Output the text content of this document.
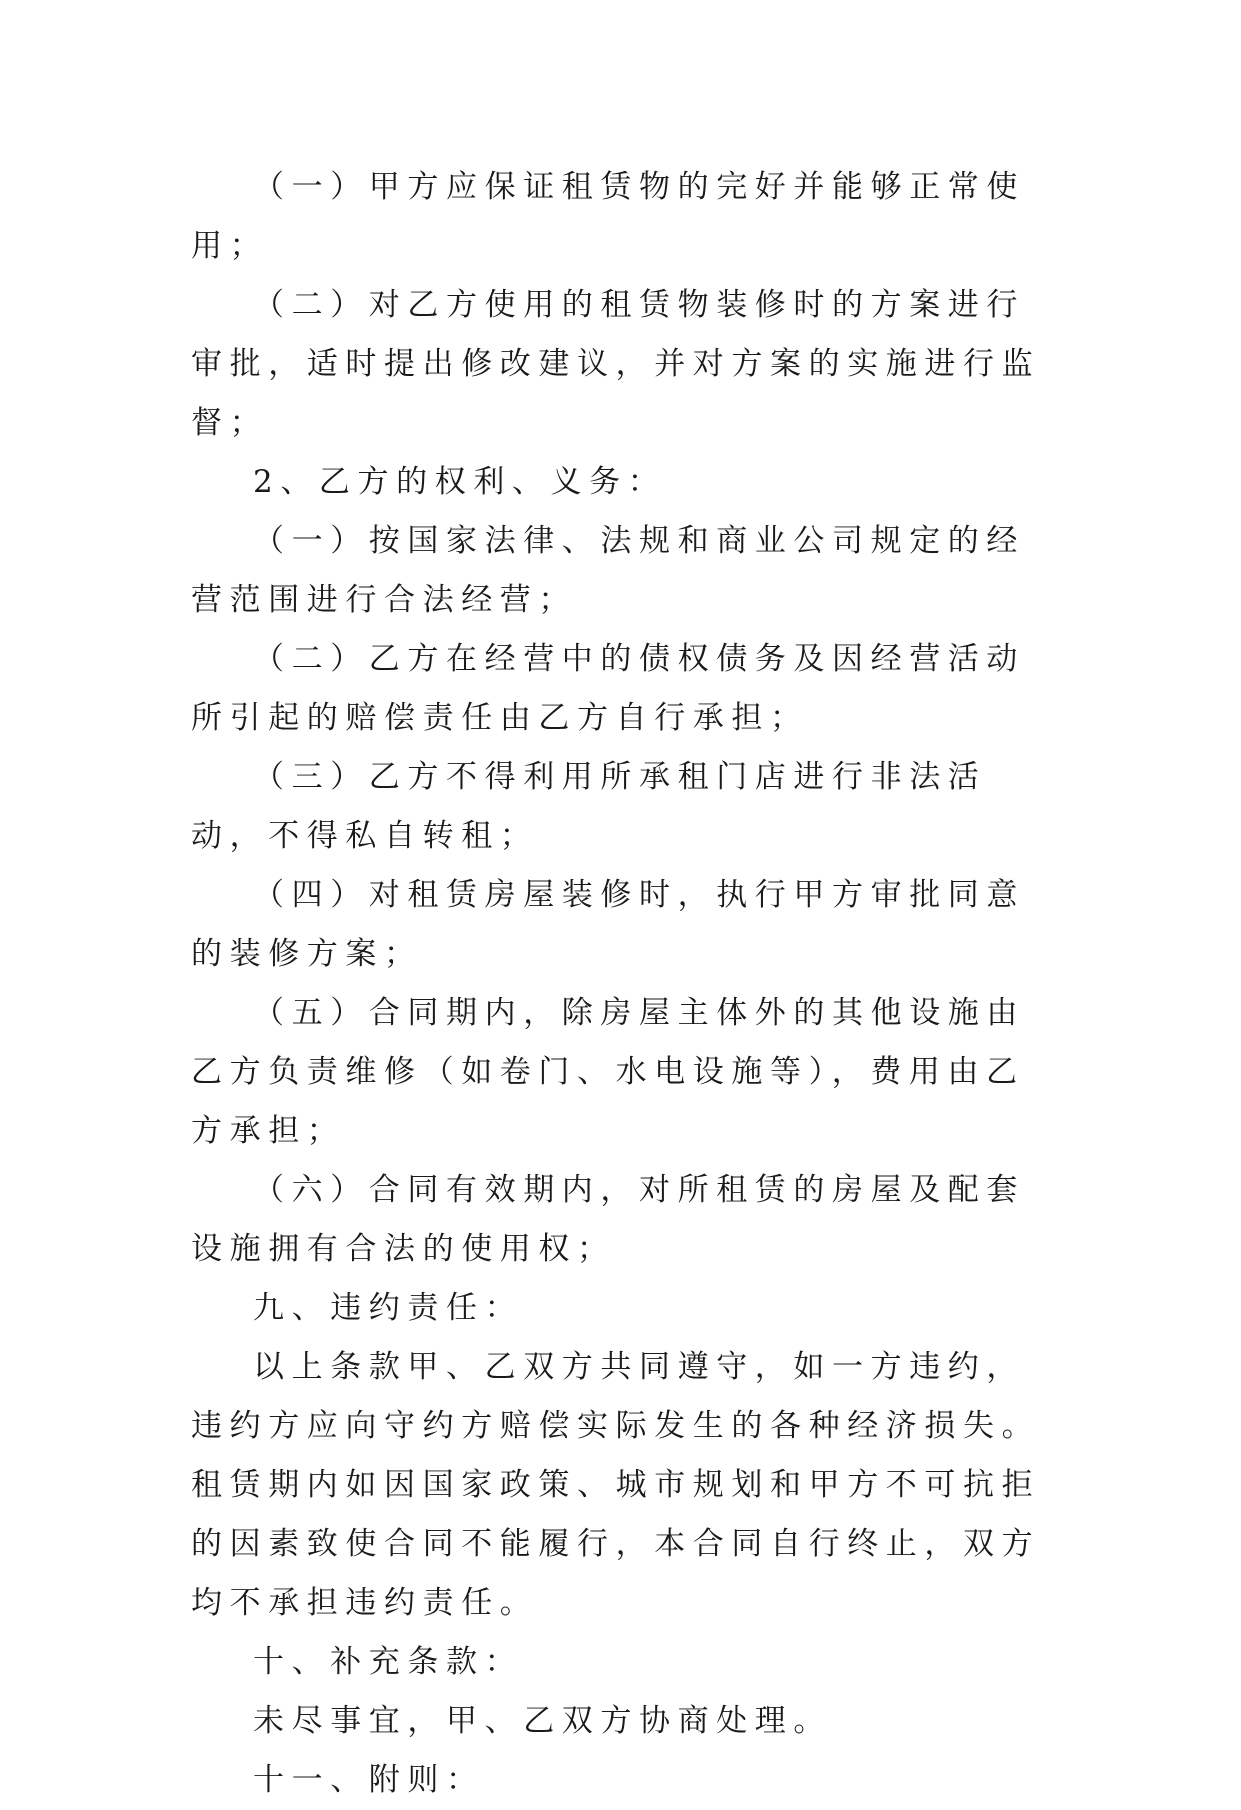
（一）甲方应保证租赁物的完好并能够正常使用；

（二）对乙方使用的租赁物装修时的方案进行审批，适时提出修改建议，并对方案的实施进行监督；

2、乙方的权利、义务：

（一）按国家法律、法规和商业公司规定的经营范围进行合法经营；

（二）乙方在经营中的债权债务及因经营活动所引起的赔偿责任由乙方自行承担；

（三）乙方不得利用所承租门店进行非法活动，不得私自转租；

（四）对租赁房屋装修时，执行甲方审批同意的装修方案；

（五）合同期内，除房屋主体外的其他设施由乙方负责维修（如卷门、水电设施等），费用由乙方承担；

（六）合同有效期内，对所租赁的房屋及配套设施拥有合法的使用权；

九、违约责任：

以上条款甲、乙双方共同遵守，如一方违约，违约方应向守约方赔偿实际发生的各种经济损失。租赁期内如因国家政策、城市规划和甲方不可抗拒的因素致使合同不能履行，本合同自行终止，双方均不承担违约责任。

十、补充条款：

未尽事宜，甲、乙双方协商处理。

十一、附则：
